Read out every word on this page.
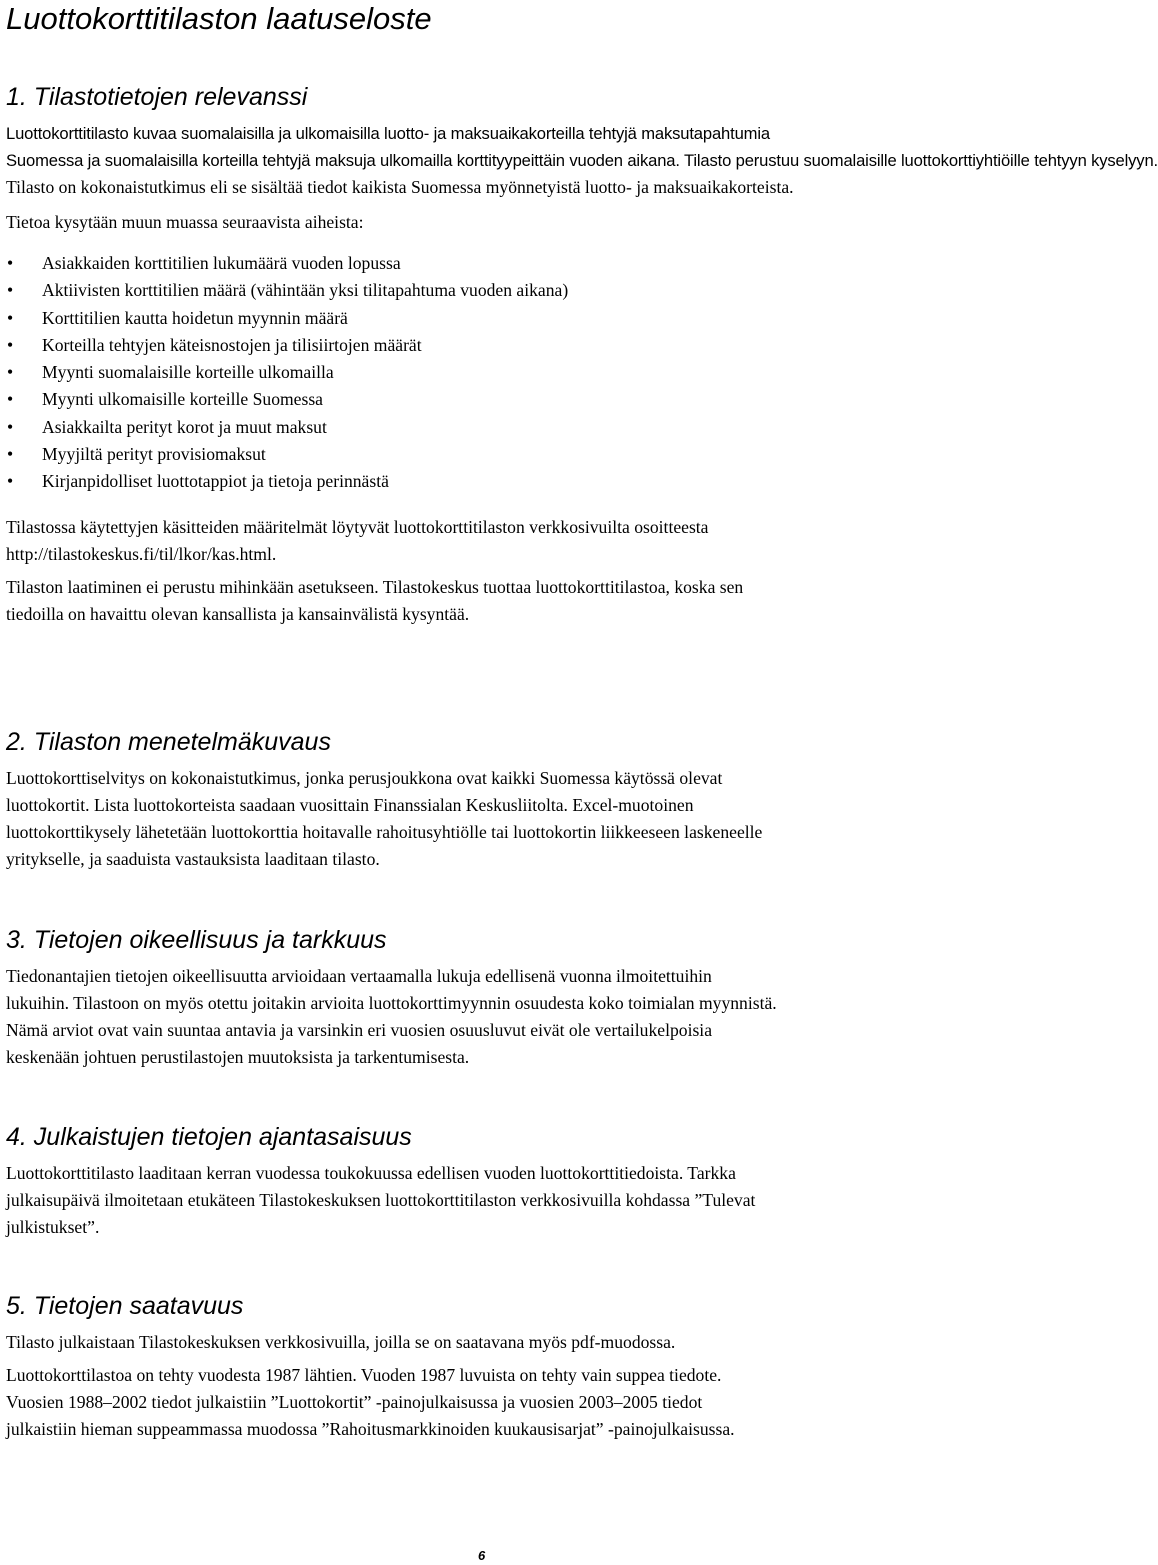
Luottokorttitilaston laatuseloste
1. Tilastotietojen relevanssi
Luottokorttitilasto kuvaa suomalaisilla ja ulkomaisilla luotto- ja maksuaikakorteilla tehtyjä maksutapahtumia
Suomessa ja suomalaisilla korteilla tehtyjä maksuja ulkomailla korttityypeittäin vuoden aikana. Tilasto perustuu suomalaisille luottokorttiyhtiöille tehtyyn kyselyyn.
Tilasto on kokonaistutkimus eli se sisältää tiedot kaikista Suomessa myönnetyistä luotto- ja maksuaikakorteista.
Tietoa kysytään muun muassa seuraavista aiheista:
• Asiakkaiden korttitilien lukumäärä vuoden lopussa
• Aktiivisten korttitilien määrä (vähintään yksi tilitapahtuma vuoden aikana)
• Korttitilien kautta hoidetun myynnin määrä
• Korteilla tehtyjen käteisnostojen ja tilisiirtojen määrät
• Myynti suomalaisille korteille ulkomailla
• Myynti ulkomaisille korteille Suomessa
• Asiakkailta perityt korot ja muut maksut
• Myyjiltä perityt provisiomaksut
• Kirjanpidolliset luottotappiot ja tietoja perinnästä
Tilastossa käytettyjen käsitteiden määritelmät löytyvät luottokorttitilaston verkkosivuilta osoitteesta
http://tilastokeskus.fi/til/lkor/kas.html.
Tilaston laatiminen ei perustu mihinkään asetukseen. Tilastokeskus tuottaa luottokorttitilastoa, koska sen
tiedoilla on havaittu olevan kansallista ja kansainvälistä kysyntää.
2. Tilaston menetelmäkuvaus
Luottokorttiselvitys on kokonaistutkimus, jonka perusjoukkona ovat kaikki Suomessa käytössä olevat
luottokortit. Lista luottokorteista saadaan vuosittain Finanssialan Keskusliitolta. Excel-muotoinen
luottokorttikysely lähetetään luottokorttia hoitavalle rahoitusyhtiölle tai luottokortin liikkeeseen laskeneelle
yritykselle, ja saaduista vastauksista laaditaan tilasto.
3. Tietojen oikeellisuus ja tarkkuus
Tiedonantajien tietojen oikeellisuutta arvioidaan vertaamalla lukuja edellisenä vuonna ilmoitettuihin
lukuihin. Tilastoon on myös otettu joitakin arvioita luottokorttimyynnin osuudesta koko toimialan myynnistä.
Nämä arviot ovat vain suuntaa antavia ja varsinkin eri vuosien osuusluvut eivät ole vertailukelpoisia
keskenään johtuen perustilastojen muutoksista ja tarkentumisesta.
4. Julkaistujen tietojen ajantasaisuus
Luottokorttitilasto laaditaan kerran vuodessa toukokuussa edellisen vuoden luottokorttitiedoista. Tarkka
julkaisupäivä ilmoitetaan etukäteen Tilastokeskuksen luottokorttitilaston verkkosivuilla kohdassa ”Tulevat
julkistukset”.
5. Tietojen saatavuus
Tilasto julkaistaan Tilastokeskuksen verkkosivuilla, joilla se on saatavana myös pdf-muodossa.
Luottokorttilastoa on tehty vuodesta 1987 lähtien. Vuoden 1987 luvuista on tehty vain suppea tiedote.
Vuosien 1988–2002 tiedot julkaistiin ”Luottokortit” -painojulkaisussa ja vuosien 2003–2005 tiedot
julkaistiin hieman suppeammassa muodossa ”Rahoitusmarkkinoiden kuukausisarjat” -painojulkaisussa.
6
